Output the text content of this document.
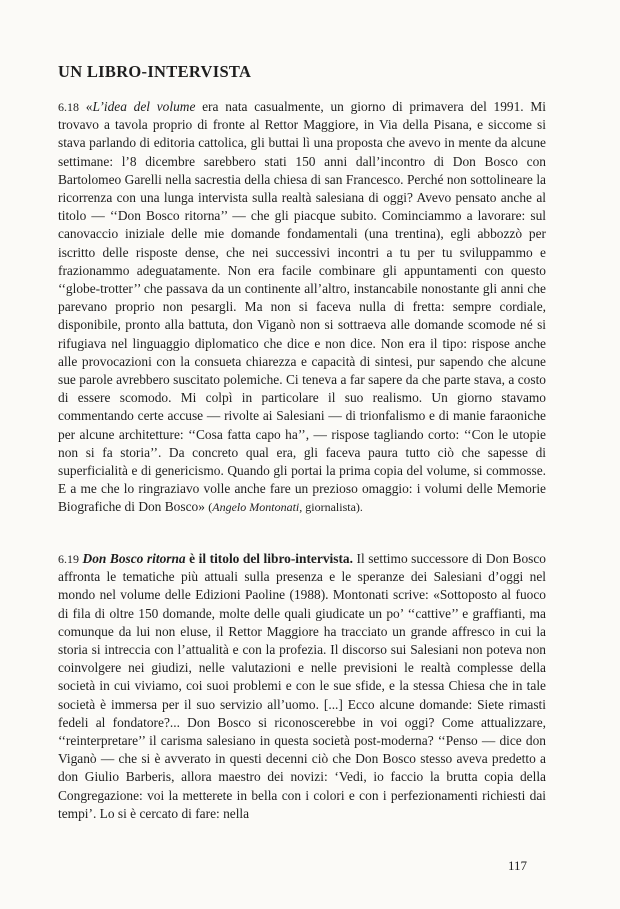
UN LIBRO-INTERVISTA

6.18 «L’idea del volume era nata casualmente, un giorno di primavera del 1991. Mi trovavo a tavola proprio di fronte al Rettor Maggiore, in Via della Pisana, e siccome si stava parlando di editoria cattolica, gli buttai lì una proposta che avevo in mente da alcune settimane: l’8 dicembre sarebbero stati 150 anni dall’incontro di Don Bosco con Bartolomeo Garelli nella sacrestia della chiesa di san Francesco. Perché non sottolineare la ricorrenza con una lunga intervista sulla realtà salesiana di oggi? Avevo pensato anche al titolo — ‘‘Don Bosco ritorna’’ — che gli piacque subito. Cominciammo a lavorare: sul canovaccio iniziale delle mie domande fondamentali (una trentina), egli abbozzò per iscritto delle risposte dense, che nei successivi incontri a tu per tu sviluppammo e frazionammo adeguatamente. Non era facile combinare gli appuntamenti con questo ‘‘globe-trotter’’ che passava da un continente all’altro, instancabile nonostante gli anni che parevano proprio non pesargli. Ma non si faceva nulla di fretta: sempre cordiale, disponibile, pronto alla battuta, don Viganò non si sottraeva alle domande scomode né si rifugiava nel linguaggio diplomatico che dice e non dice. Non era il tipo: rispose anche alle provocazioni con la consueta chiarezza e capacità di sintesi, pur sapendo che alcune sue parole avrebbero suscitato polemiche. Ci teneva a far sapere da che parte stava, a costo di essere scomodo. Mi colpì in particolare il suo realismo. Un giorno stavamo commentando certe accuse — rivolte ai Salesiani — di trionfalismo e di manie faraoniche per alcune architetture: ‘‘Cosa fatta capo ha’’, — rispose tagliando corto: ‘‘Con le utopie non si fa storia’’. Da concreto qual era, gli faceva paura tutto ciò che sapesse di superficialità e di genericismo. Quando gli portai la prima copia del volume, si commosse. E a me che lo ringraziavo volle anche fare un prezioso omaggio: i volumi delle Memorie Biografiche di Don Bosco» (Angelo Montonati, giornalista).

6.19 Don Bosco ritorna è il titolo del libro-intervista. Il settimo successore di Don Bosco affronta le tematiche più attuali sulla presenza e le speranze dei Salesiani d’oggi nel mondo nel volume delle Edizioni Paoline (1988). Montonati scrive: «Sottoposto al fuoco di fila di oltre 150 domande, molte delle quali giudicate un po’ ‘‘cattive’’ e graffianti, ma comunque da lui non eluse, il Rettor Maggiore ha tracciato un grande affresco in cui la storia si intreccia con l’attualità e con la profezia. Il discorso sui Salesiani non poteva non coinvolgere nei giudizi, nelle valutazioni e nelle previsioni le realtà complesse della società in cui viviamo, coi suoi problemi e con le sue sfide, e la stessa Chiesa che in tale società è immersa per il suo servizio all’uomo. [...] Ecco alcune domande: Siete rimasti fedeli al fondatore?... Don Bosco si riconoscerebbe in voi oggi? Come attualizzare, ‘‘reinterpretare’’ il carisma salesiano in questa società post-moderna? ‘‘Penso — dice don Viganò — che si è avverato in questi decenni ciò che Don Bosco stesso aveva predetto a don Giulio Barberis, allora maestro dei novizi: ‘Vedi, io faccio la brutta copia della Congregazione: voi la metterete in bella con i colori e con i perfezionamenti richiesti dai tempi’. Lo si è cercato di fare: nella

117
